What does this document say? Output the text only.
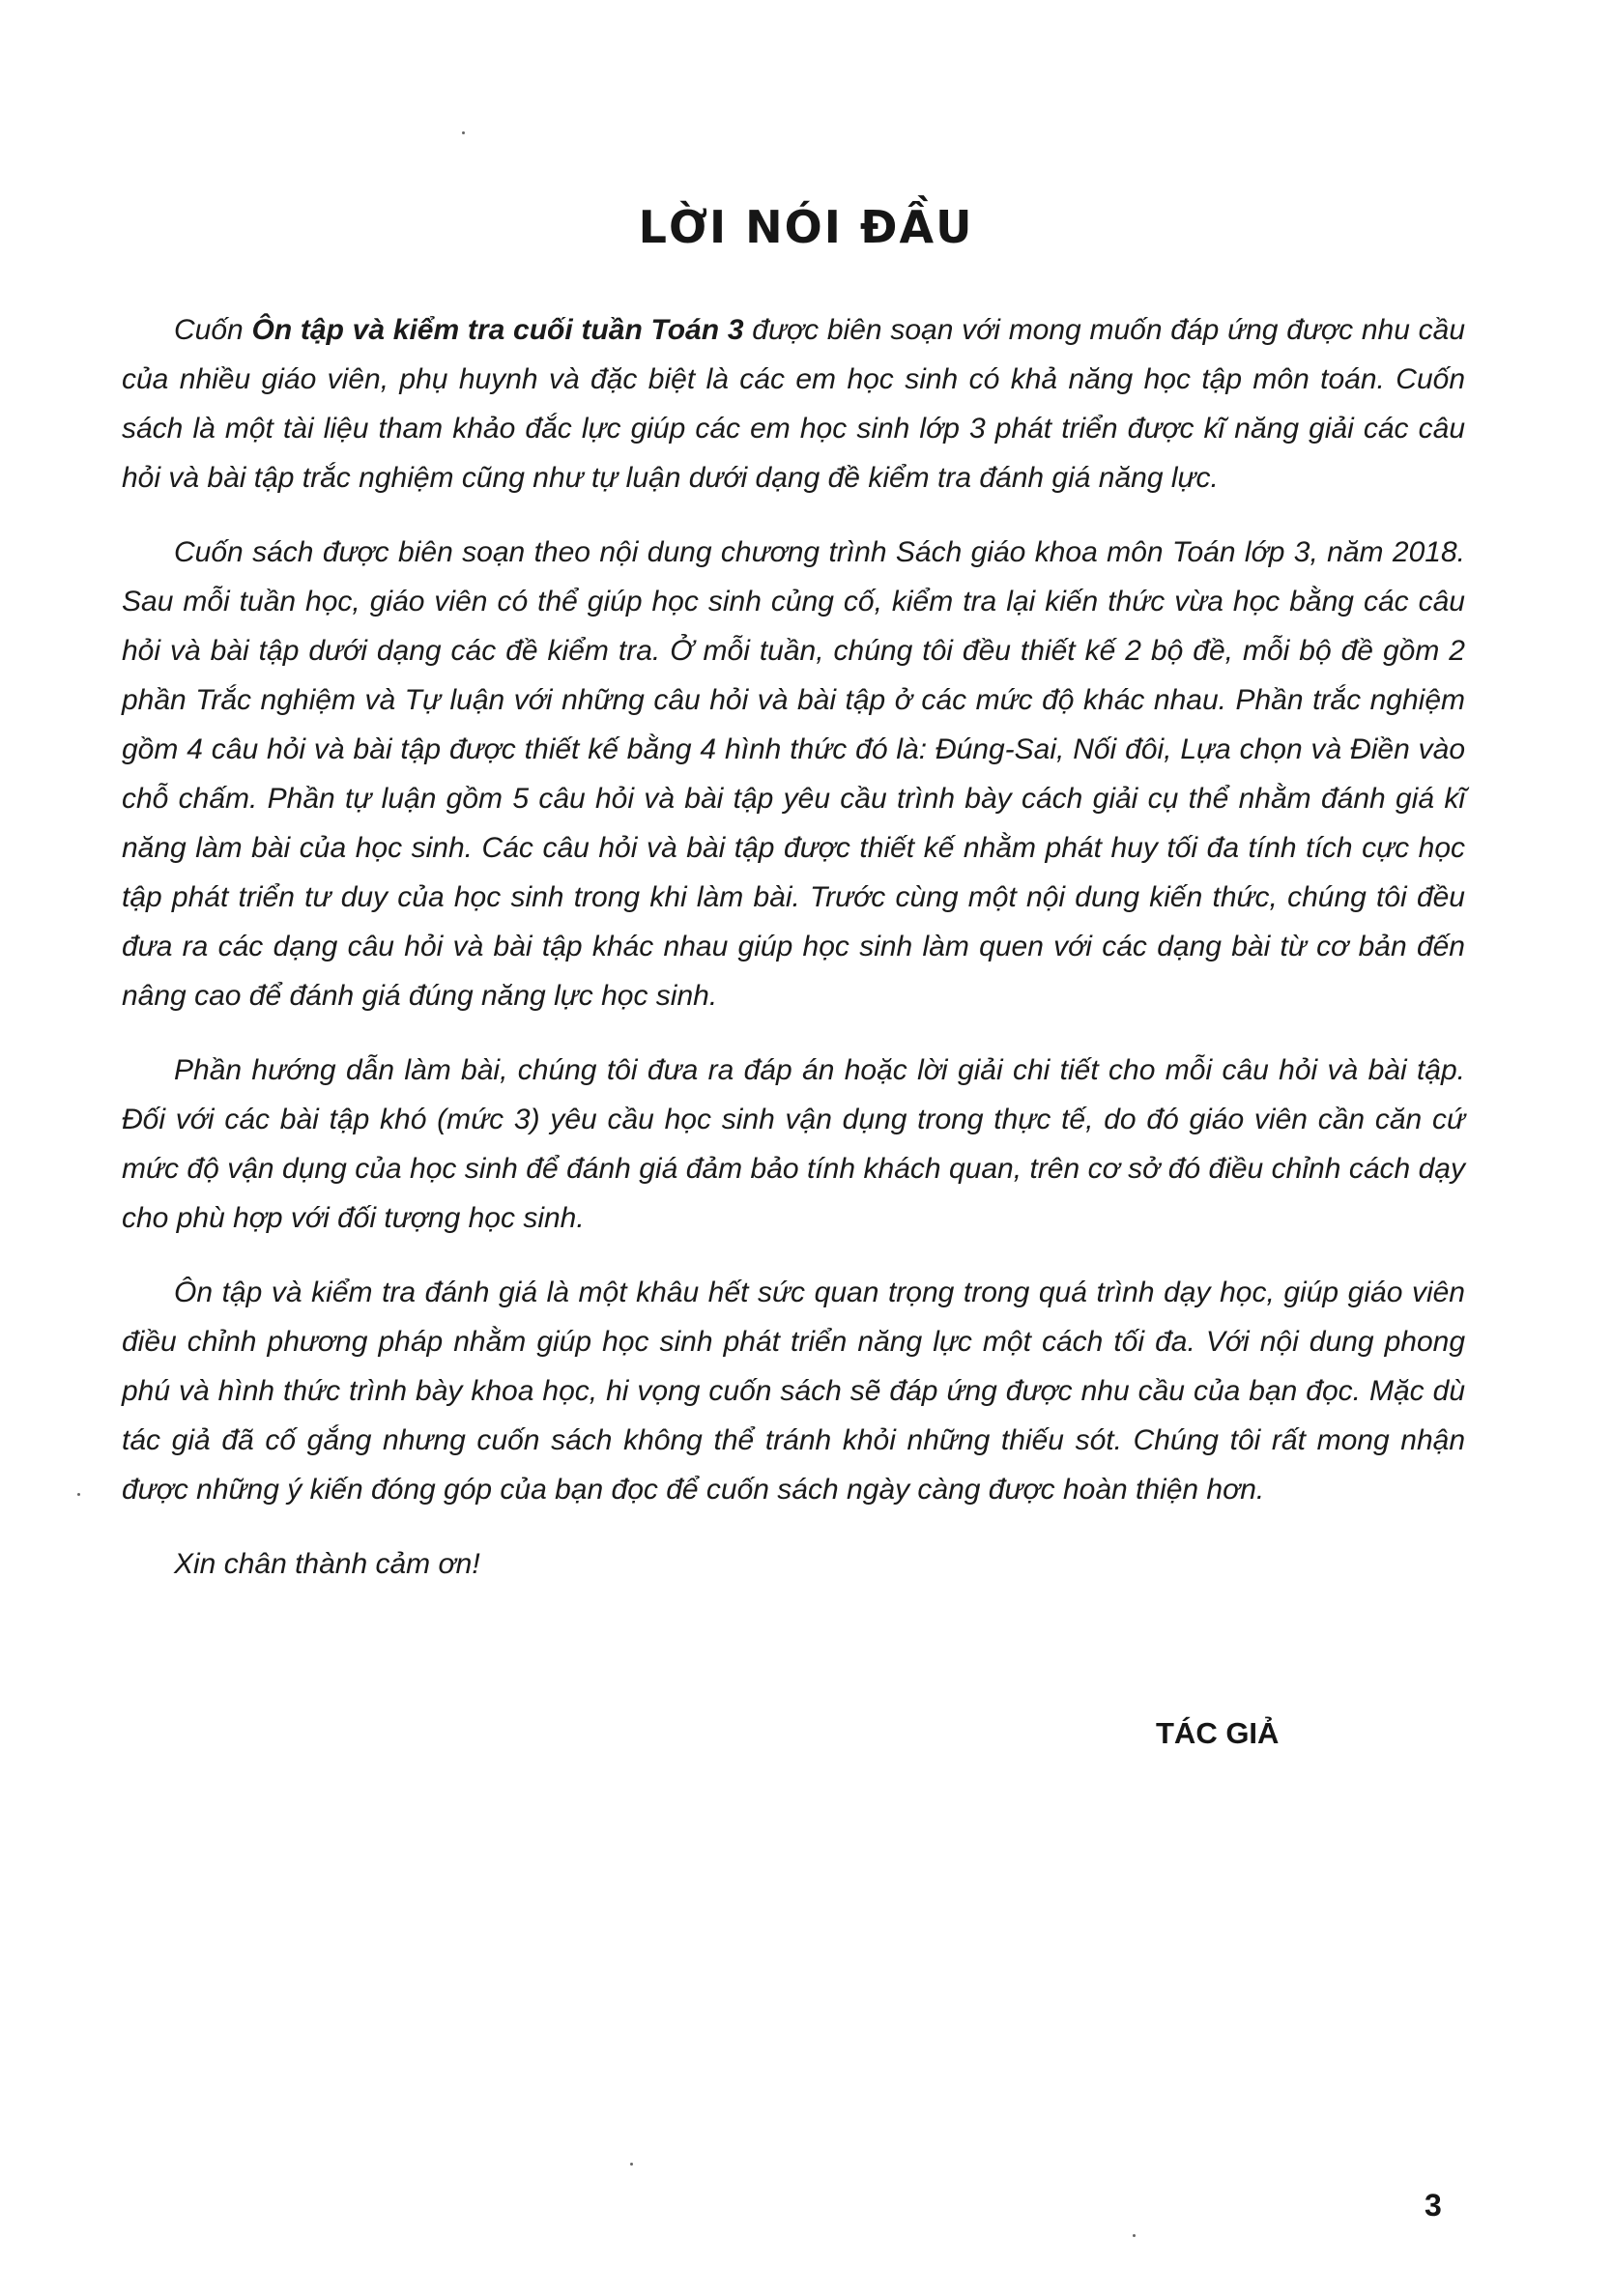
LỜI NÓI ĐẦU

Cuốn Ôn tập và kiểm tra cuối tuần Toán 3 được biên soạn với mong muốn đáp ứng được nhu cầu của nhiều giáo viên, phụ huynh và đặc biệt là các em học sinh có khả năng học tập môn toán. Cuốn sách là một tài liệu tham khảo đắc lực giúp các em học sinh lớp 3 phát triển được kĩ năng giải các câu hỏi và bài tập trắc nghiệm cũng như tự luận dưới dạng đề kiểm tra đánh giá năng lực.

Cuốn sách được biên soạn theo nội dung chương trình Sách giáo khoa môn Toán lớp 3, năm 2018. Sau mỗi tuần học, giáo viên có thể giúp học sinh củng cố, kiểm tra lại kiến thức vừa học bằng các câu hỏi và bài tập dưới dạng các đề kiểm tra. Ở mỗi tuần, chúng tôi đều thiết kế 2 bộ đề, mỗi bộ đề gồm 2 phần Trắc nghiệm và Tự luận với những câu hỏi và bài tập ở các mức độ khác nhau. Phần trắc nghiệm gồm 4 câu hỏi và bài tập được thiết kế bằng 4 hình thức đó là: Đúng-Sai, Nối đôi, Lựa chọn và Điền vào chỗ chấm. Phần tự luận gồm 5 câu hỏi và bài tập yêu cầu trình bày cách giải cụ thể nhằm đánh giá kĩ năng làm bài của học sinh. Các câu hỏi và bài tập được thiết kế nhằm phát huy tối đa tính tích cực học tập phát triển tư duy của học sinh trong khi làm bài. Trước cùng một nội dung kiến thức, chúng tôi đều đưa ra các dạng câu hỏi và bài tập khác nhau giúp học sinh làm quen với các dạng bài từ cơ bản đến nâng cao để đánh giá đúng năng lực học sinh.

Phần hướng dẫn làm bài, chúng tôi đưa ra đáp án hoặc lời giải chi tiết cho mỗi câu hỏi và bài tập. Đối với các bài tập khó (mức 3) yêu cầu học sinh vận dụng trong thực tế, do đó giáo viên cần căn cứ mức độ vận dụng của học sinh để đánh giá đảm bảo tính khách quan, trên cơ sở đó điều chỉnh cách dạy cho phù hợp với đối tượng học sinh.

Ôn tập và kiểm tra đánh giá là một khâu hết sức quan trọng trong quá trình dạy học, giúp giáo viên điều chỉnh phương pháp nhằm giúp học sinh phát triển năng lực một cách tối đa. Với nội dung phong phú và hình thức trình bày khoa học, hi vọng cuốn sách sẽ đáp ứng được nhu cầu của bạn đọc. Mặc dù tác giả đã cố gắng nhưng cuốn sách không thể tránh khỏi những thiếu sót. Chúng tôi rất mong nhận được những ý kiến đóng góp của bạn đọc để cuốn sách ngày càng được hoàn thiện hơn.

Xin chân thành cảm ơn!

TÁC GIẢ
3
